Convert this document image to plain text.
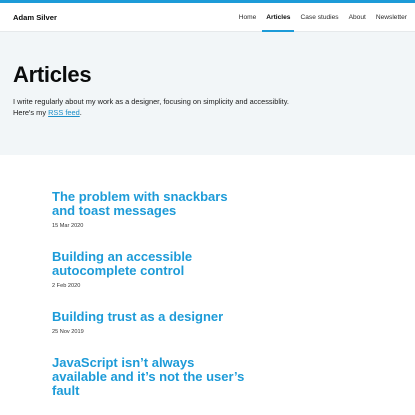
Adam Silver	Home	Articles	Case studies	About	Newsletter
Articles

I write regularly about my work as a designer, focusing on simplicity and accessiblity.
Here's my RSS feed.

The problem with snackbars and toast messages
15 Mar 2020
Building an accessible autocomplete control
2 Feb 2020
Building trust as a designer
25 Nov 2019
JavaScript isn’t always available and it’s not the user’s fault
